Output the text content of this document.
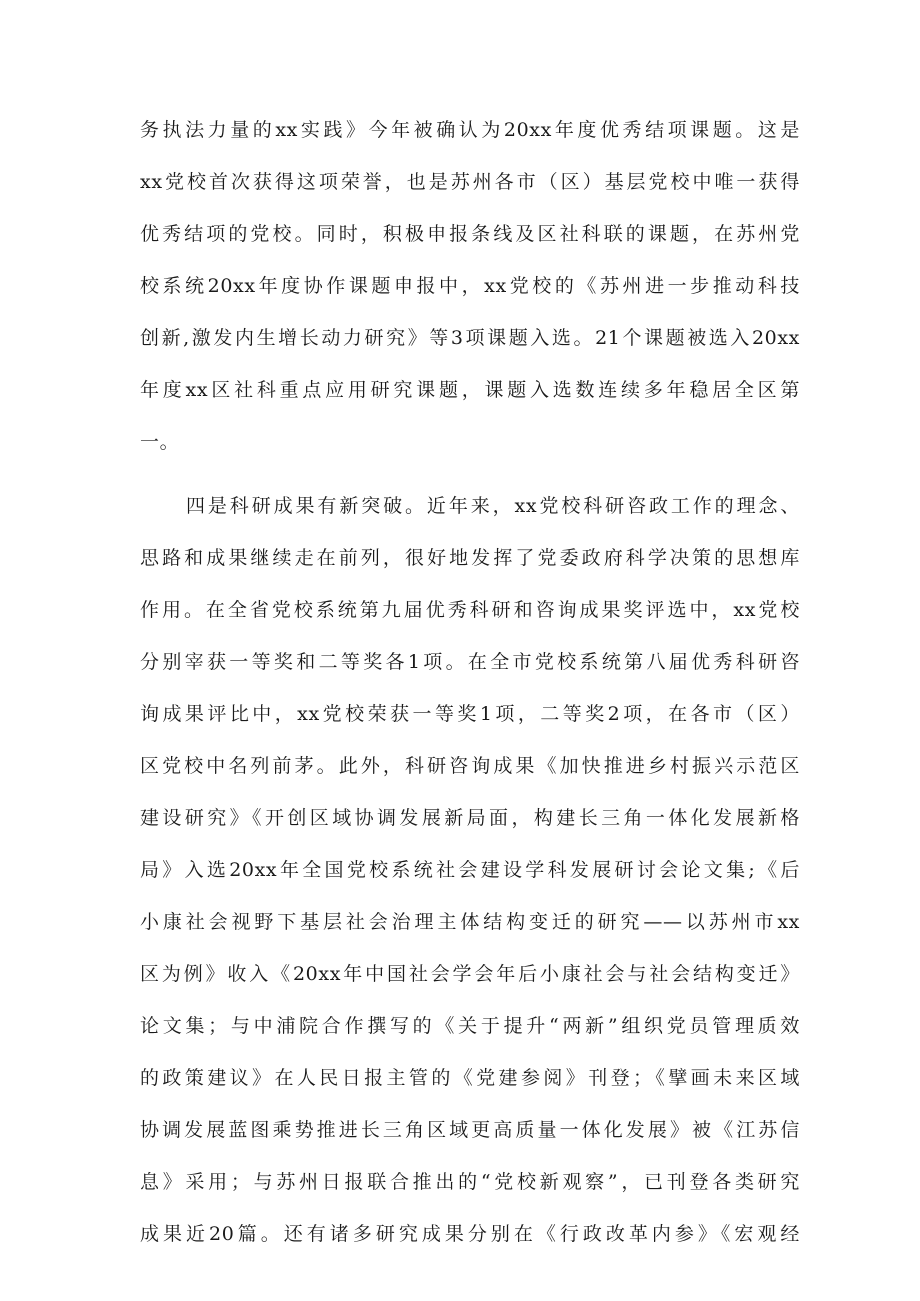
务执法力量的xx实践》今年被确认为20xx年度优秀结项课题。这是
xx党校首次获得这项荣誉，也是苏州各市（区）基层党校中唯一获得
优秀结项的党校。同时，积极申报条线及区社科联的课题，在苏州党
校系统20xx年度协作课题申报中，xx党校的《苏州进一步推动科技
创新,激发内生增长动力研究》等3项课题入选。21个课题被选入20xx
年度xx区社科重点应用研究课题，课题入选数连续多年稳居全区第
一。
四是科研成果有新突破。近年来，xx党校科研咨政工作的理念、
思路和成果继续走在前列，很好地发挥了党委政府科学决策的思想库
作用。在全省党校系统第九届优秀科研和咨询成果奖评选中，xx党校
分别宰获一等奖和二等奖各1项。在全市党校系统第八届优秀科研咨
询成果评比中，xx党校荣获一等奖1项，二等奖2项，在各市（区）
区党校中名列前茅。此外，科研咨询成果《加快推进乡村振兴示范区
建设研究》《开创区域协调发展新局面，构建长三角一体化发展新格
局》入选20xx年全国党校系统社会建设学科发展研讨会论文集;《后
小康社会视野下基层社会治理主体结构变迁的研究——以苏州市xx
区为例》收入《20xx年中国社会学会年后小康社会与社会结构变迁》
论文集；与中浦院合作撰写的《关于提升“两新”组织党员管理质效
的政策建议》在人民日报主管的《党建参阅》刊登；《擘画未来区域
协调发展蓝图乘势推进长三角区域更高质量一体化发展》被《江苏信
息》采用；与苏州日报联合推出的“党校新观察”，已刊登各类研究
成果近20篇。还有诸多研究成果分别在《行政改革内参》《宏观经
